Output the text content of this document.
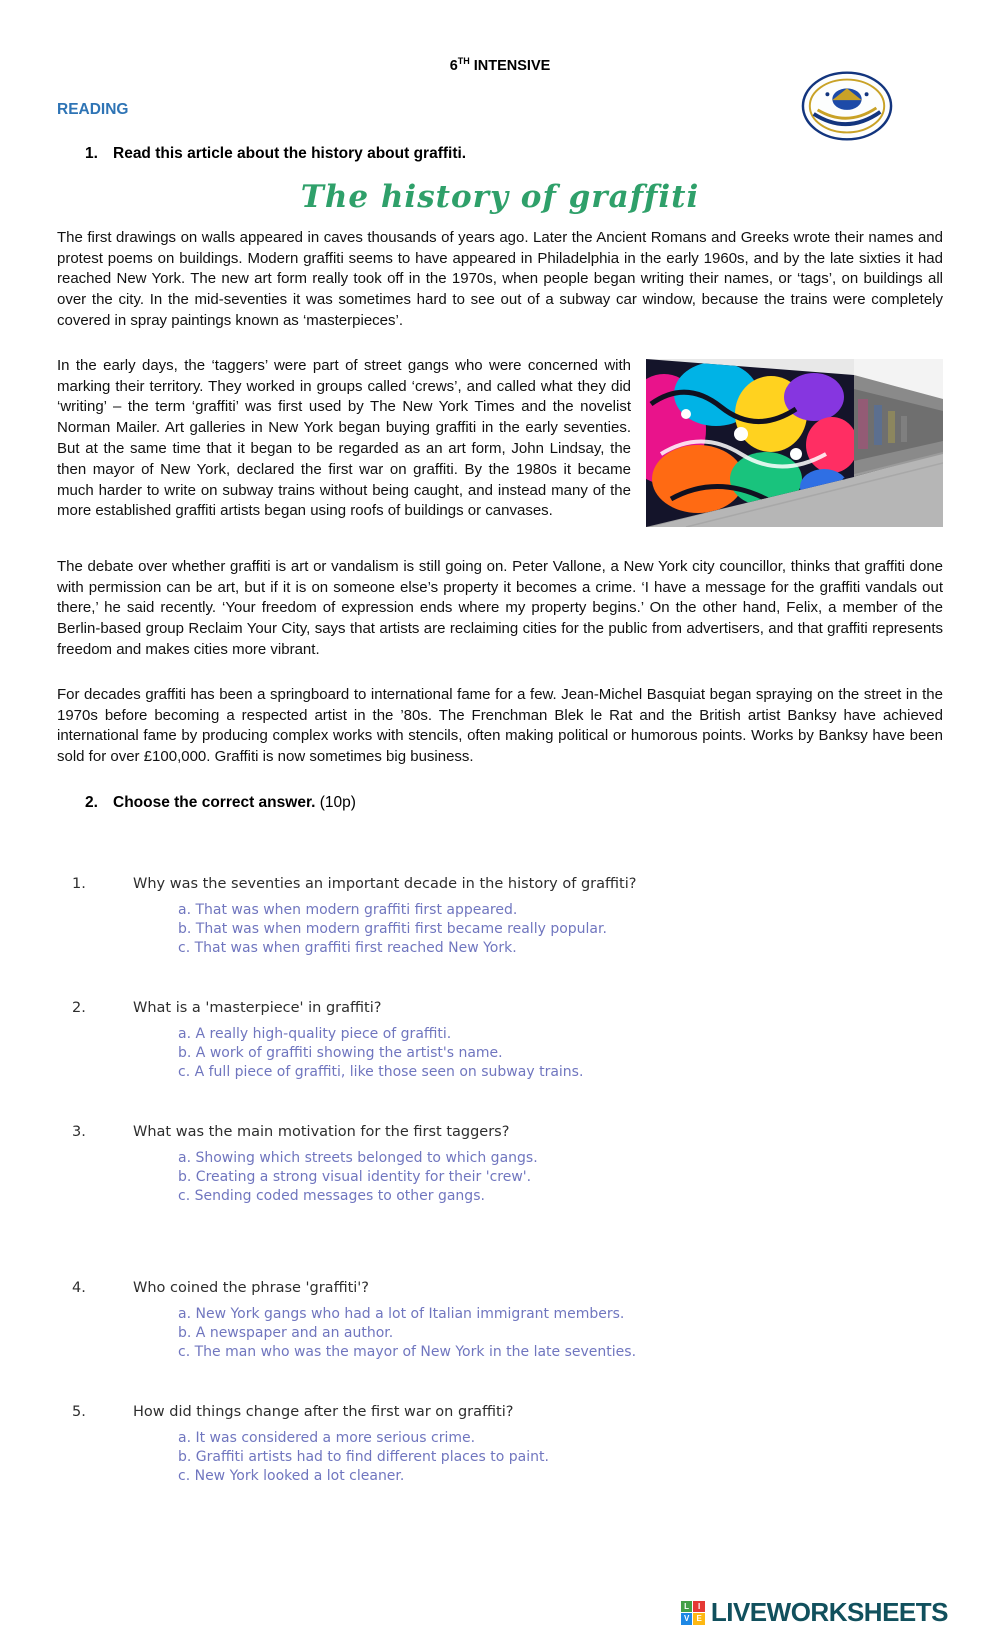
6TH INTENSIVE
READING
1. Read this article about the history about graffiti.
The history of graffiti

The first drawings on walls appeared in caves thousands of years ago. Later the Ancient Romans and Greeks wrote their names and protest poems on buildings. Modern graffiti seems to have appeared in Philadelphia in the early 1960s, and by the late sixties it had reached New York. The new art form really took off in the 1970s, when people began writing their names, or ‘tags’, on buildings all over the city. In the mid-seventies it was sometimes hard to see out of a subway car window, because the trains were completely covered in spray paintings known as ‘masterpieces’.

In the early days, the ‘taggers’ were part of street gangs who were concerned with marking their territory. They worked in groups called ‘crews’, and called what they did ‘writing’ – the term ‘graffiti’ was first used by The New York Times and the novelist Norman Mailer. Art galleries in New York began buying graffiti in the early seventies. But at the same time that it began to be regarded as an art form, John Lindsay, the then mayor of New York, declared the first war on graffiti. By the 1980s it became much harder to write on subway trains without being caught, and instead many of the more established graffiti artists began using roofs of buildings or canvases.

The debate over whether graffiti is art or vandalism is still going on. Peter Vallone, a New York city councillor, thinks that graffiti done with permission can be art, but if it is on someone else’s property it becomes a crime. ‘I have a message for the graffiti vandals out there,’ he said recently. ‘Your freedom of expression ends where my property begins.’ On the other hand, Felix, a member of the Berlin-based group Reclaim Your City, says that artists are reclaiming cities for the public from advertisers, and that graffiti represents freedom and makes cities more vibrant.

For decades graffiti has been a springboard to international fame for a few. Jean-Michel Basquiat began spraying on the street in the 1970s before becoming a respected artist in the ’80s. The Frenchman Blek le Rat and the British artist Banksy have achieved international fame by producing complex works with stencils, often making political or humorous points. Works by Banksy have been sold for over £100,000. Graffiti is now sometimes big business.

2. Choose the correct answer. (10p)
1.	Why was the seventies an important decade in the history of graffiti?
a. That was when modern graffiti first appeared.
b. That was when modern graffiti first became really popular.
c. That was when graffiti first reached New York.
2.	What is a 'masterpiece' in graffiti?
a. A really high-quality piece of graffiti.
b. A work of graffiti showing the artist's name.
c. A full piece of graffiti, like those seen on subway trains.
3.	What was the main motivation for the first taggers?
a. Showing which streets belonged to which gangs.
b. Creating a strong visual identity for their 'crew'.
c. Sending coded messages to other gangs.
4.	Who coined the phrase 'graffiti'?
a. New York gangs who had a lot of Italian immigrant members.
b. A newspaper and an author.
c. The man who was the mayor of New York in the late seventies.
5.	How did things change after the first war on graffiti?
a. It was considered a more serious crime.
b. Graffiti artists had to find different places to paint.
c. New York looked a lot cleaner.
L	I
V E LIVEWORKSHEETS
